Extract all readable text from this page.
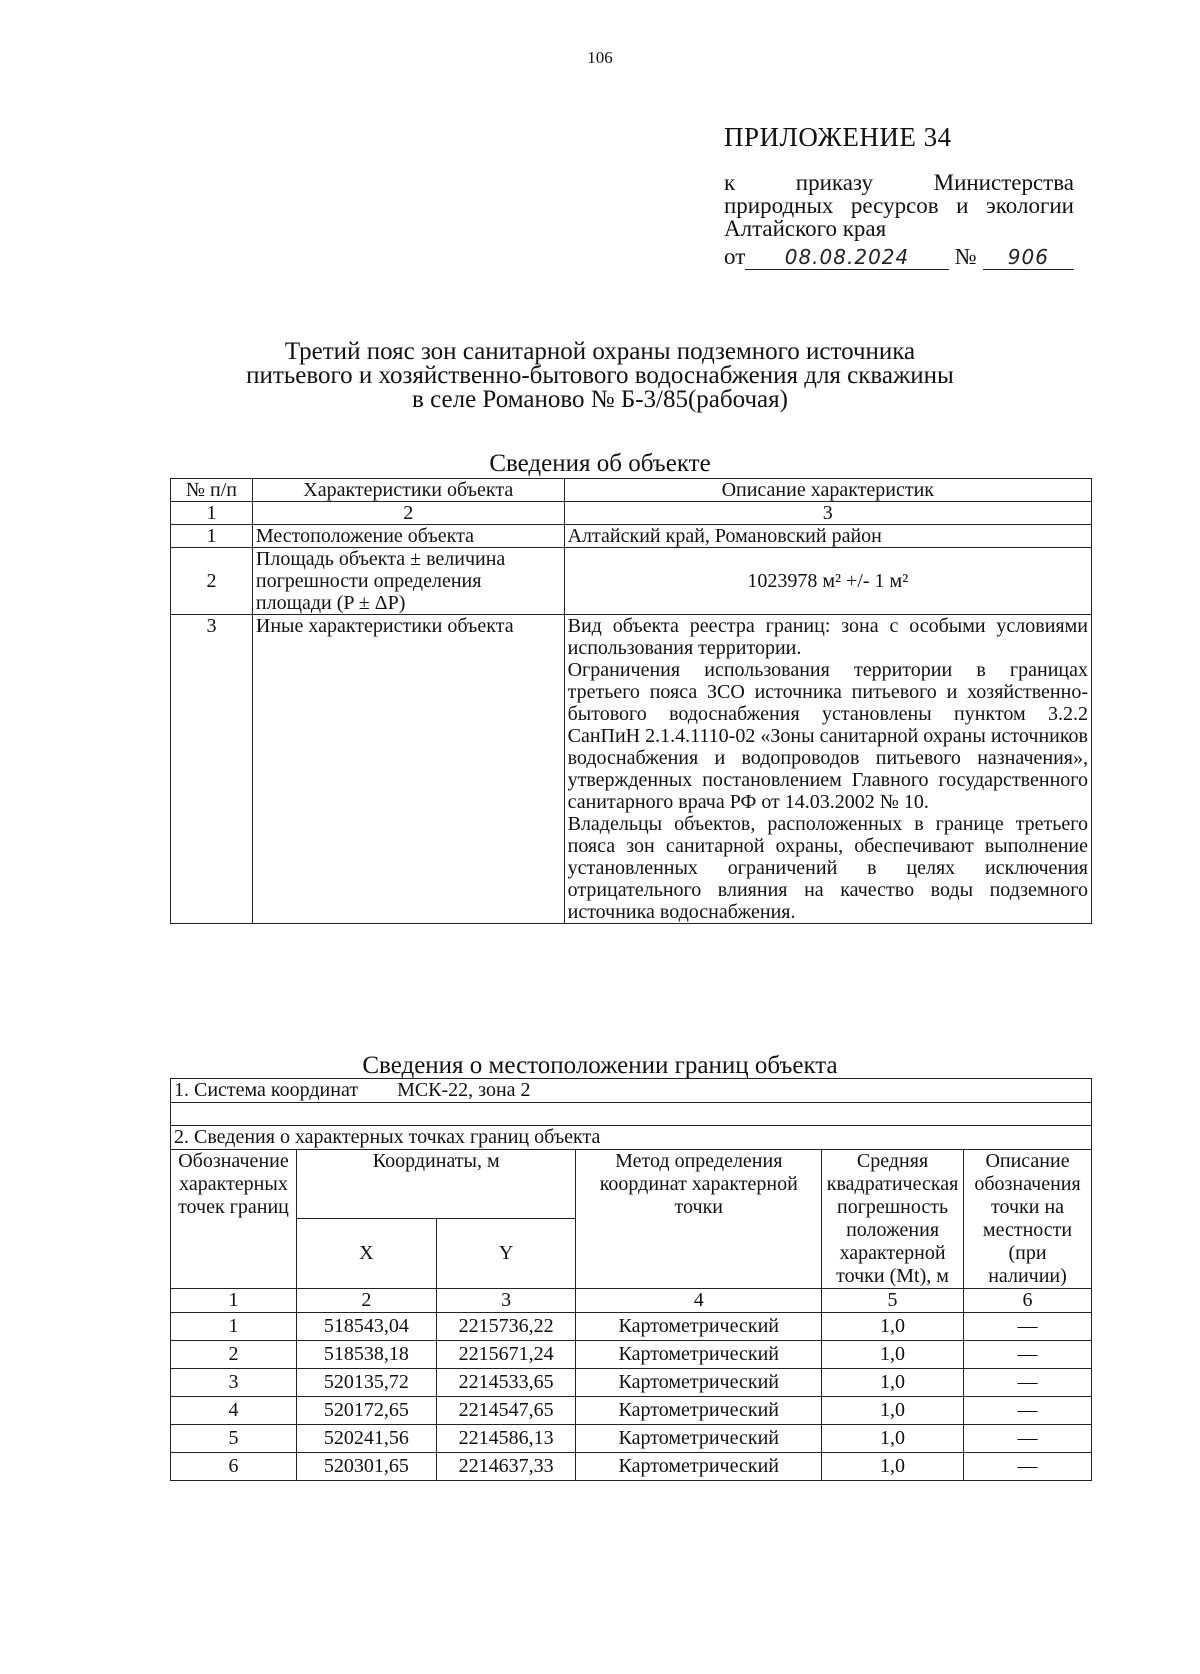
106
ПРИЛОЖЕНИЕ 34
к приказу Министерства природных ресурсов и экологии Алтайского края
от	08.08.2024	№	906
Третий пояс зон санитарной охраны подземного источника
питьевого и хозяйственно-бытового водоснабжения для скважины
в селе Романово № Б-3/85(рабочая)
Сведения об объекте
№ п/п	Характеристики объекта	Описание характеристик
1	2	3
1	Местоположение объекта	Алтайский край, Романовский район
2	Площадь объекта ± величина погрешности определения площади (P ± ΔP)	1023978 м² +/- 1 м²
3	Иные характеристики объекта	Вид объекта реестра границ: зона с особыми условиями использования территории.
Ограничения использования территории в границах третьего пояса ЗСО источника питьевого и хозяйственно-бытового водоснабжения установлены пунктом 3.2.2 СанПиН 2.1.4.1110-02 «Зоны санитарной охраны источников водоснабжения и водопроводов питьевого назначения», утвержденных постановлением Главного государственного санитарного врача РФ от 14.03.2002 № 10.
Владельцы объектов, расположенных в границе третьего пояса зон санитарной охраны, обеспечивают выполнение установленных ограничений в целях исключения отрицательного влияния на качество воды подземного источника водоснабжения.
Сведения о местоположении границ объекта
1. Система координат МСК-22, зона 2					

2. Сведения о характерных точках границ объекта					
Обозначение характерных точек границ	Координаты, м		Метод определения координат характерной точки	Средняя квадратическая погрешность положения характерной точки (Mt), м	Описание обозначения точки на местности (при наличии)
	X	Y			
1	2	3	4	5	6
1	518543,04	2215736,22	Картометрический	1,0	—
2	518538,18	2215671,24	Картометрический	1,0	—
3	520135,72	2214533,65	Картометрический	1,0	—
4	520172,65	2214547,65	Картометрический	1,0	—
5	520241,56	2214586,13	Картометрический	1,0	—
6	520301,65	2214637,33	Картометрический	1,0	—
